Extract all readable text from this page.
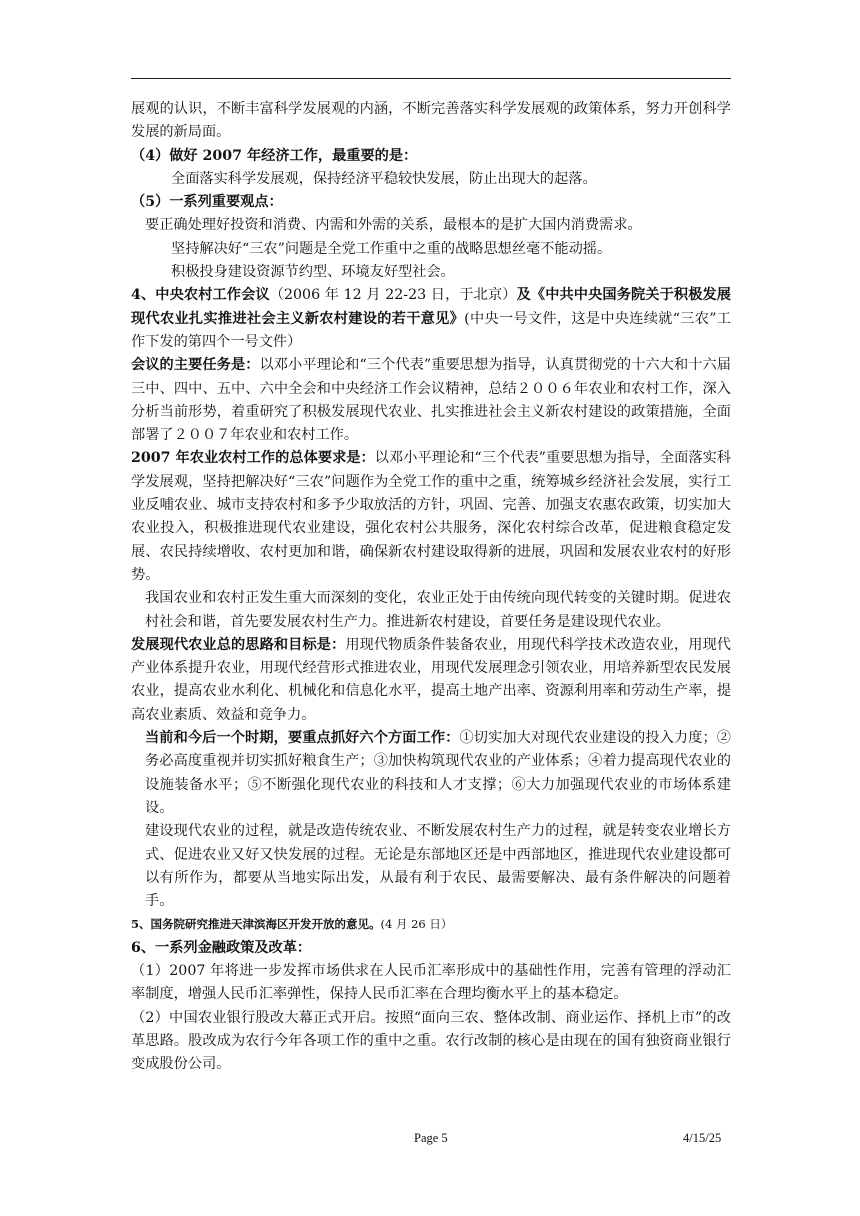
展观的认识，不断丰富科学发展观的内涵，不断完善落实科学发展观的政策体系，努力开创科学发展的新局面。

（4）做好 2007 年经济工作，最重要的是：

全面落实科学发展观，保持经济平稳较快发展，防止出现大的起落。

（5）一系列重要观点：

要正确处理好投资和消费、内需和外需的关系，最根本的是扩大国内消费需求。

坚持解决好“三农”问题是全党工作重中之重的战略思想丝毫不能动摇。

积极投身建设资源节约型、环境友好型社会。

4、中央农村工作会议（2006 年 12 月 22-23 日，于北京）及《中共中央国务院关于积极发展现代农业扎实推进社会主义新农村建设的若干意见》(中央一号文件，这是中央连续就“三农”工作下发的第四个一号文件）

会议的主要任务是：以邓小平理论和“三个代表”重要思想为指导，认真贯彻党的十六大和十六届三中、四中、五中、六中全会和中央经济工作会议精神，总结２００６年农业和农村工作，深入分析当前形势，着重研究了积极发展现代农业、扎实推进社会主义新农村建设的政策措施，全面部署了２００７年农业和农村工作。

2007 年农业农村工作的总体要求是：以邓小平理论和“三个代表”重要思想为指导，全面落实科学发展观，坚持把解决好“三农”问题作为全党工作的重中之重，统筹城乡经济社会发展，实行工业反哺农业、城市支持农村和多予少取放活的方针，巩固、完善、加强支农惠农政策，切实加大农业投入，积极推进现代农业建设，强化农村公共服务，深化农村综合改革，促进粮食稳定发展、农民持续增收、农村更加和谐，确保新农村建设取得新的进展，巩固和发展农业农村的好形势。

我国农业和农村正发生重大而深刻的变化，农业正处于由传统向现代转变的关键时期。促进农村社会和谐，首先要发展农村生产力。推进新农村建设，首要任务是建设现代农业。

发展现代农业总的思路和目标是：用现代物质条件装备农业，用现代科学技术改造农业，用现代产业体系提升农业，用现代经营形式推进农业，用现代发展理念引领农业，用培养新型农民发展农业，提高农业水利化、机械化和信息化水平，提高土地产出率、资源利用率和劳动生产率，提高农业素质、效益和竞争力。

当前和今后一个时期，要重点抓好六个方面工作：①切实加大对现代农业建设的投入力度；②务必高度重视并切实抓好粮食生产；③加快构筑现代农业的产业体系；④着力提高现代农业的设施装备水平；⑤不断强化现代农业的科技和人才支撑；⑥大力加强现代农业的市场体系建设。

建设现代农业的过程，就是改造传统农业、不断发展农村生产力的过程，就是转变农业增长方式、促进农业又好又快发展的过程。无论是东部地区还是中西部地区，推进现代农业建设都可以有所作为，都要从当地实际出发，从最有利于农民、最需要解决、最有条件解决的问题着手。

5、国务院研究推进天津滨海区开发开放的意见。(4 月 26 日）

6、一系列金融政策及改革：

（1）2007 年将进一步发挥市场供求在人民币汇率形成中的基础性作用，完善有管理的浮动汇率制度，增强人民币汇率弹性，保持人民币汇率在合理均衡水平上的基本稳定。

（2）中国农业银行股改大幕正式开启。按照“面向三农、整体改制、商业运作、择机上市”的改革思路。股改成为农行今年各项工作的重中之重。农行改制的核心是由现在的国有独资商业银行变成股份公司。

Page 5	4/15/25
